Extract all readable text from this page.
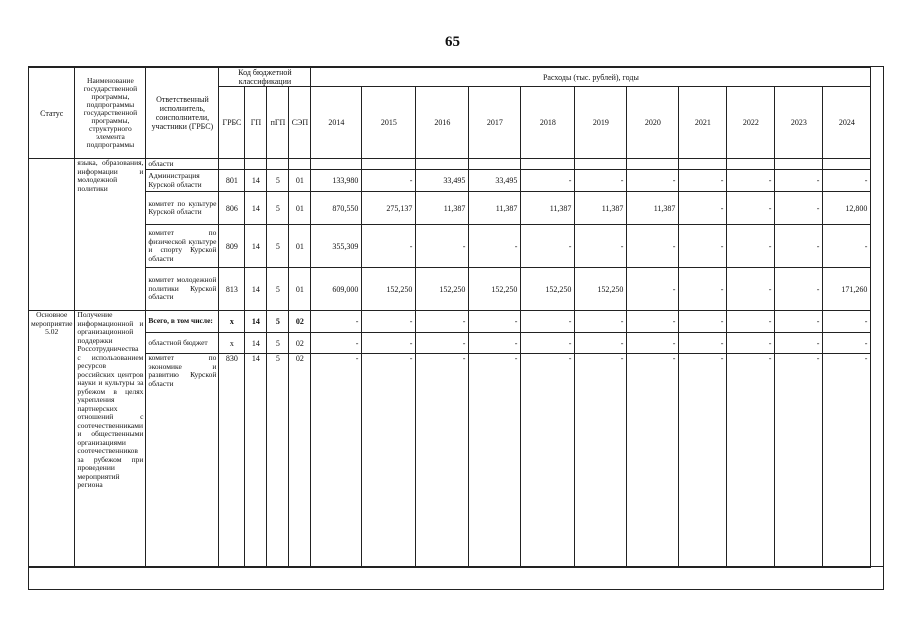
65
Статус	Наименование государственной программы, подпрограммы государственной программы, структурного элемента подпрограммы	Ответственный исполнитель, соисполнители, участники (ГРБС)	Код бюджетной классификации				Расходы (тыс. рублей), годы										
			ГРБС	ГП	пГП	СЭП	2014	2015	2016	2017	2018	2019	2020	2021	2022	2023	2024
	языка, образования, информации и молодежной политики	области															
		Администрация Курской области	801	14	5	01	133,980	-	33,495	33,495	-	-	-	-	-	-	-
		комитет по культуре Курской области	806	14	5	01	870,550	275,137	11,387	11,387	11,387	11,387	11,387	-	-	-	12,800
		комитет по физической культуре и спорту Курской области	809	14	5	01	355,309	-	-	-	-	-	-	-	-	-	-
		комитет молодежной политики Курской области	813	14	5	01	609,000	152,250	152,250	152,250	152,250	152,250	-	-	-	-	171,260
Основное мероприятие 5.02	Получение информационной и организационной поддержки Россотрудничества с использованием ресурсов российских центров науки и культуры за рубежом в целях укрепления партнерских отношений с соотечественниками и общественными организациями соотечественников за рубежом при проведении мероприятий региона	Всего, в том числе:	х	14	5	02	-	-	-	-	-	-	-	-	-	-	-
		областной бюджет	х	14	5	02	-	-	-	-	-	-	-	-	-	-	-
		комитет по экономике и развитию Курской области	830	14	5	02	-	-	-	-	-	-	-	-	-	-	-
